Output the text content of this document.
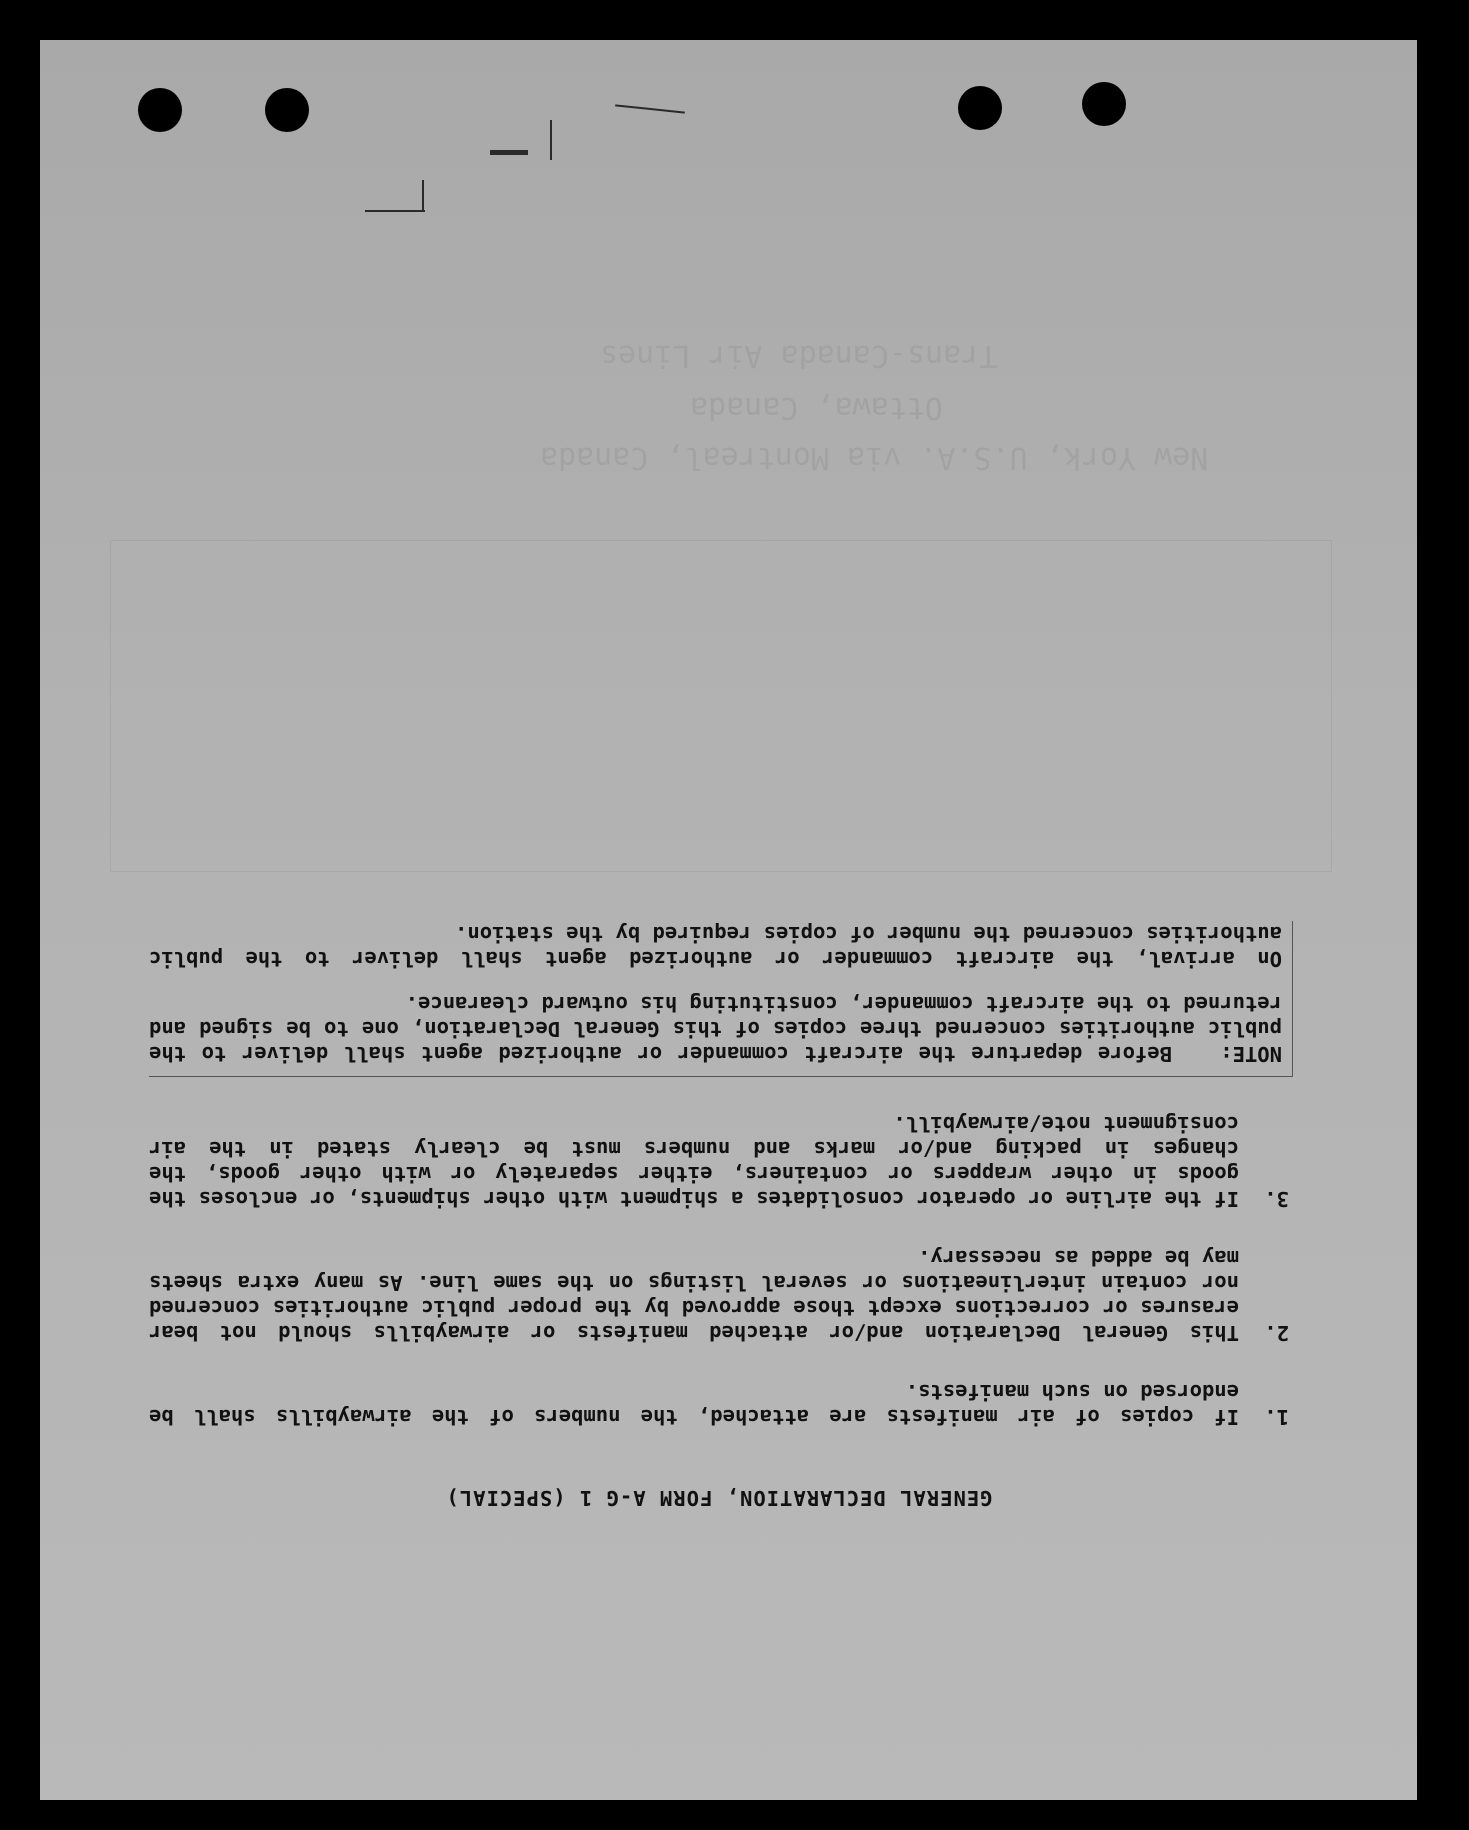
Trans-Canada Air Lines
Ottawa, Canada
New York, U.S.A. via Montreal, Canada
GENERAL DECLARATION, FORM A-G 1 (SPECIAL)
1.
If copies of air manifests are attached, the numbers of the airwaybills shall be endorsed on such manifests.
2.
This General Declaration and/or attached manifests or airwaybills should not bear erasures or corrections except those approved by the proper public authorities concerned nor contain interlineations or several listings on the same line. As many extra sheets may be added as necessary.
3.
If the airline or operator consolidates a shipment with other shipments, or encloses the goods in other wrappers or containers, either separately or with other goods, the changes in packing and/or marks and numbers must be clearly stated in the air consignment note/airwaybill.
NOTE:Before departure the aircraft commander or authorized agent shall deliver to the public authorities concerned three copies of this General Declaration, one to be signed and returned to the aircraft commander, constituting his outward clearance.
On arrival, the aircraft commander or authorized agent shall deliver to the public authorities concerned the number of copies required by the station.
